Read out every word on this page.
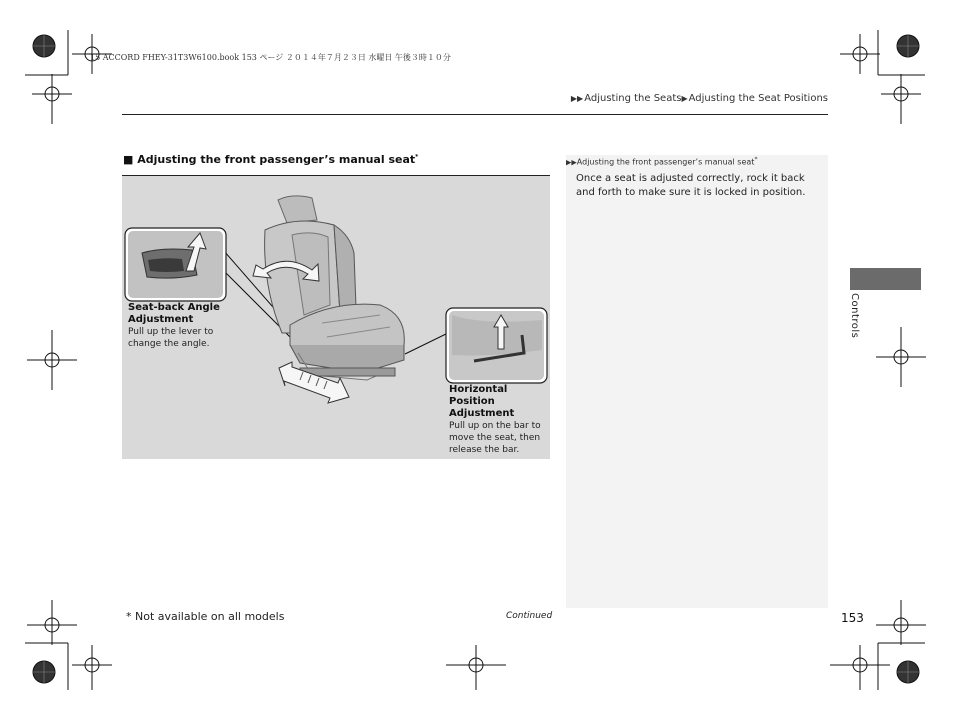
15 ACCORD FHEY-31T3W6100.book 153 ページ ２０１４年７月２３日 水曜日 午後３時１０分
▶▶Adjusting the Seats▶Adjusting the Seat Positions
■ Adjusting the front passenger’s manual seat*
Seat-back Angle
Adjustment
Pull up the lever to
change the angle.
Horizontal Position
Adjustment
Pull up on the bar to
move the seat, then
release the bar.
▶▶Adjusting the front passenger’s manual seat*
Once a seat is adjusted correctly, rock it back and forth to make sure it is locked in position.
Controls
* Not available on all models	Continued	153
